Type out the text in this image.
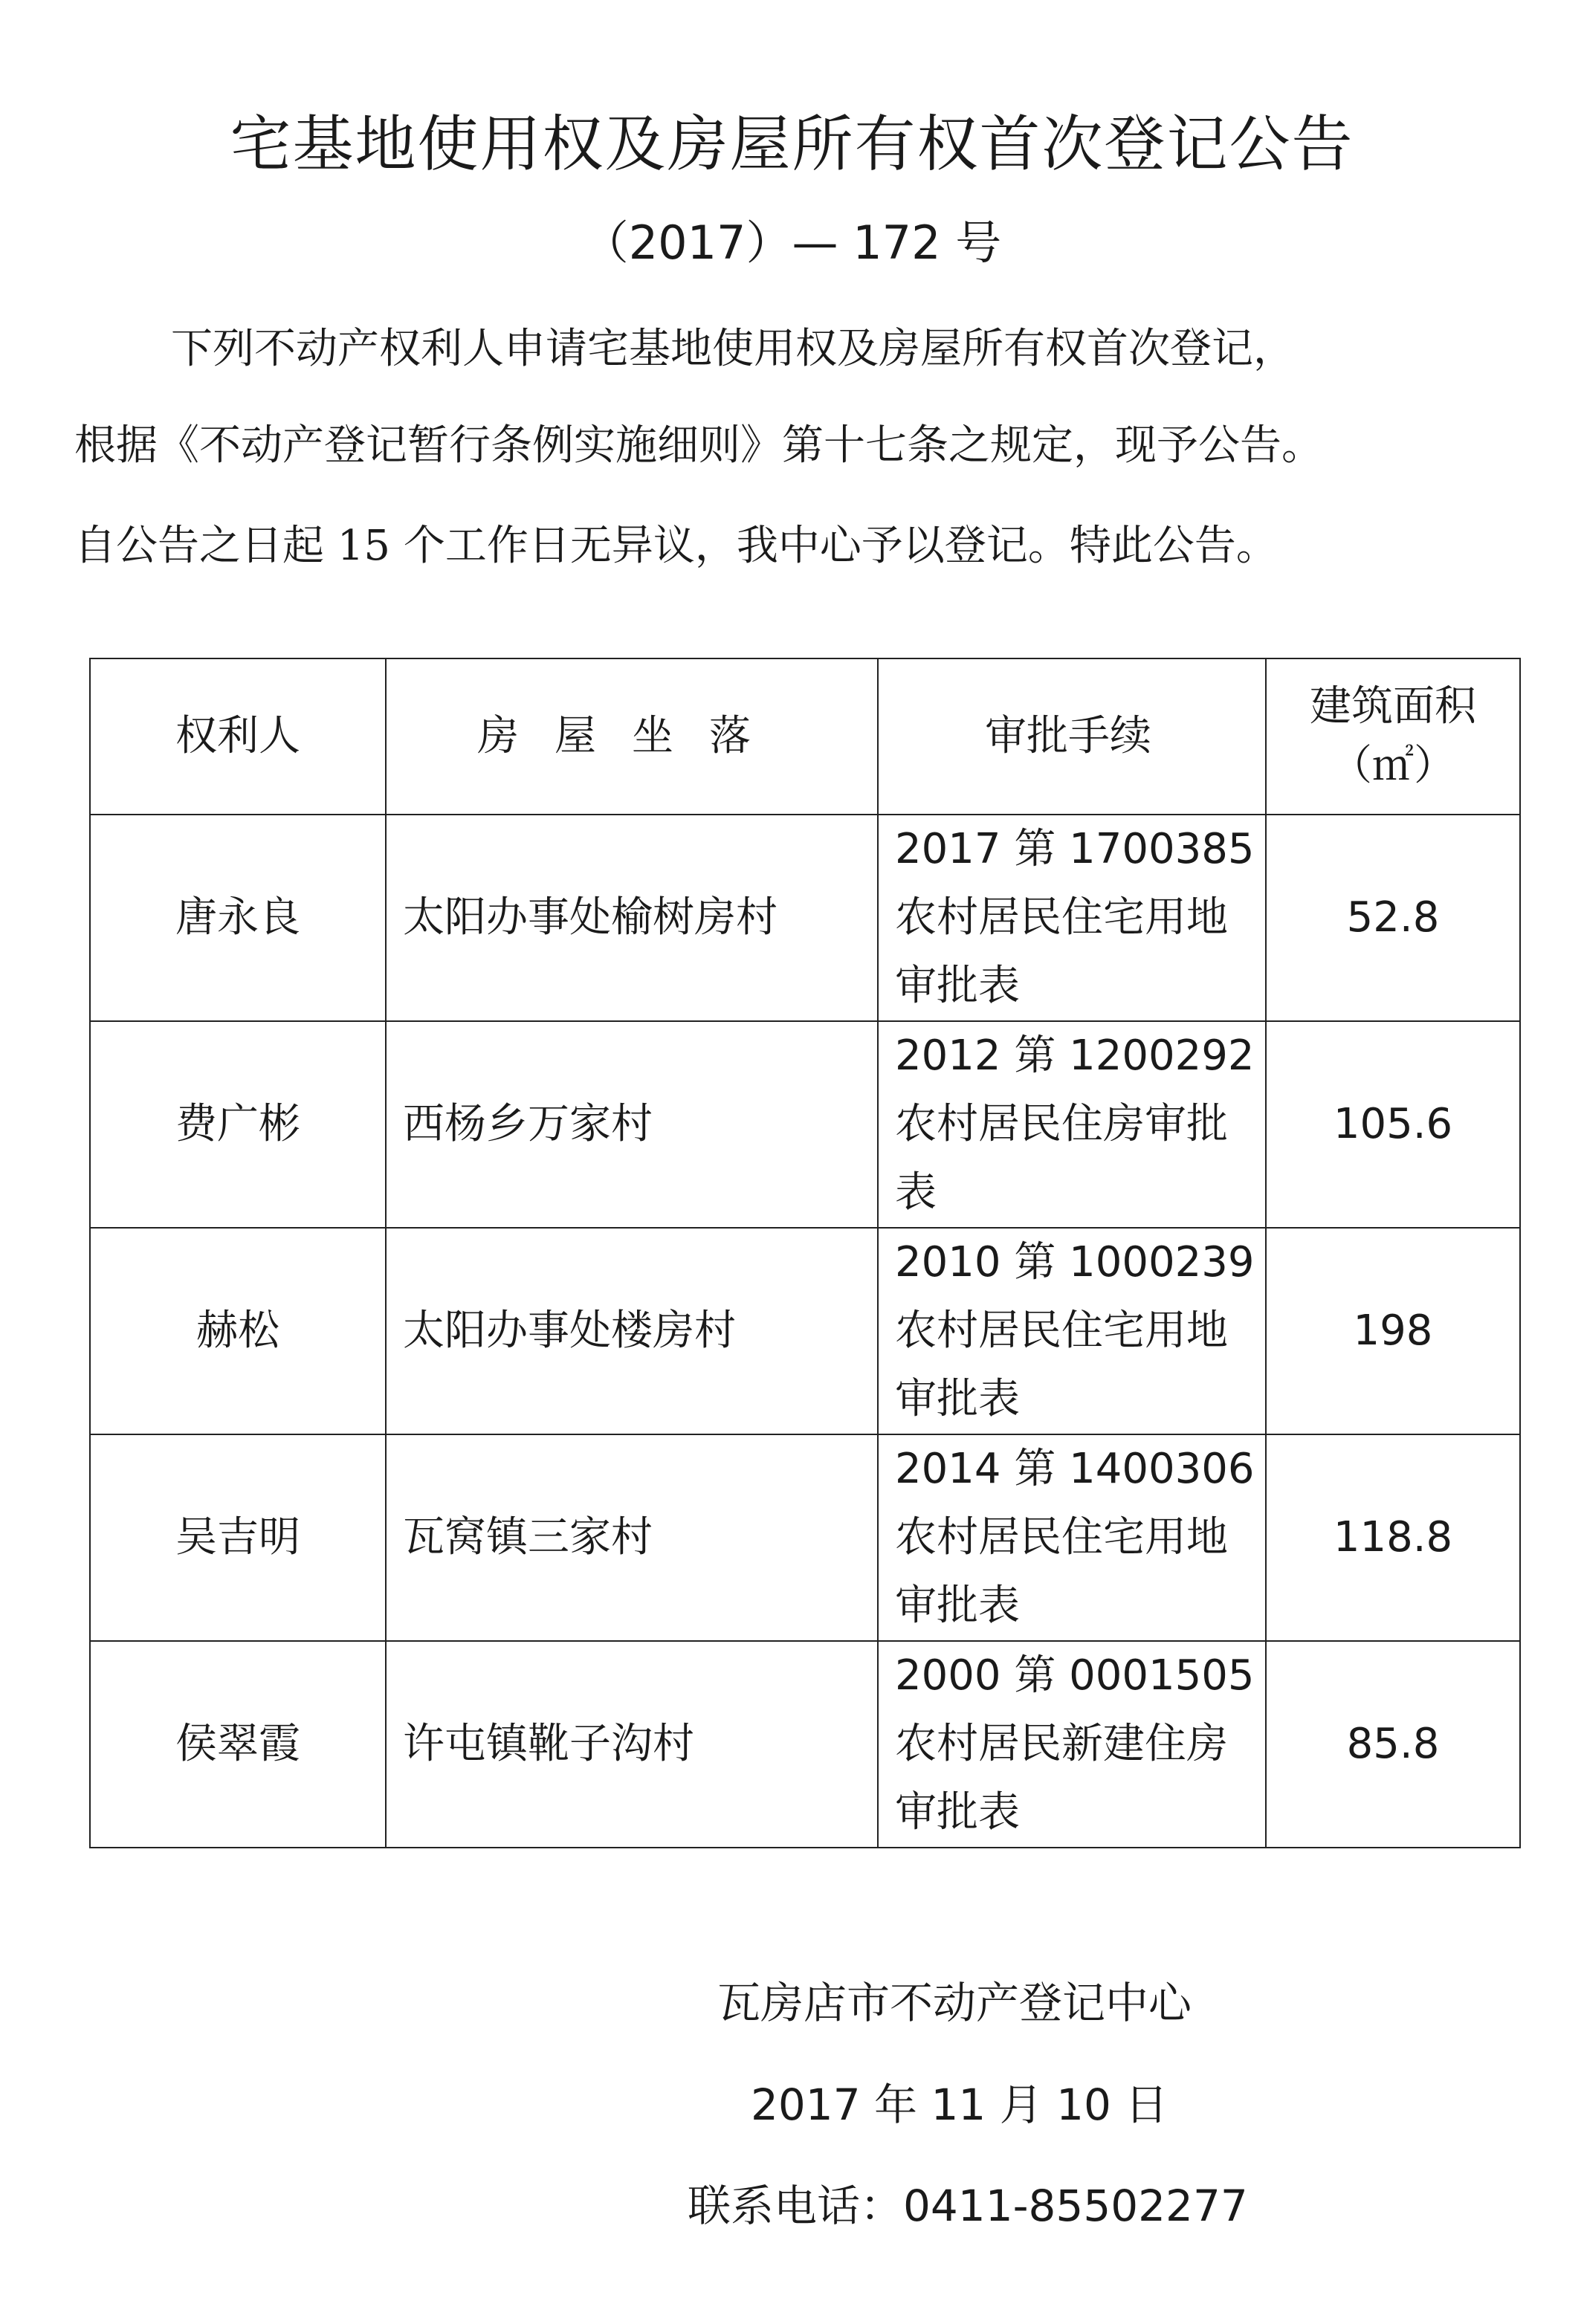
宅基地使用权及房屋所有权首次登记公告
（2017）— 172 号
下列不动产权利人申请宅基地使用权及房屋所有权首次登记，
根据《不动产登记暂行条例实施细则》第十七条之规定，现予公告。
自公告之日起 15 个工作日无异议，我中心予以登记。特此公告。
权利人	房屋坐落	审批手续	建筑面积
（㎡）

唐永良	太阳办事处榆树房村	2017 第 1700385 农村居民住宅用地审批表	52.8
费广彬	西杨乡万家村	2012 第 1200292 农村居民住房审批表	105.6
赫松	太阳办事处楼房村	2010 第 1000239 农村居民住宅用地审批表	198
吴吉明	瓦窝镇三家村	2014 第 1400306 农村居民住宅用地审批表	118.8
侯翠霞	许屯镇靴子沟村	2000 第 0001505 农村居民新建住房审批表	85.8
瓦房店市不动产登记中心
2017 年 11 月 10 日
联系电话：0411-85502277
